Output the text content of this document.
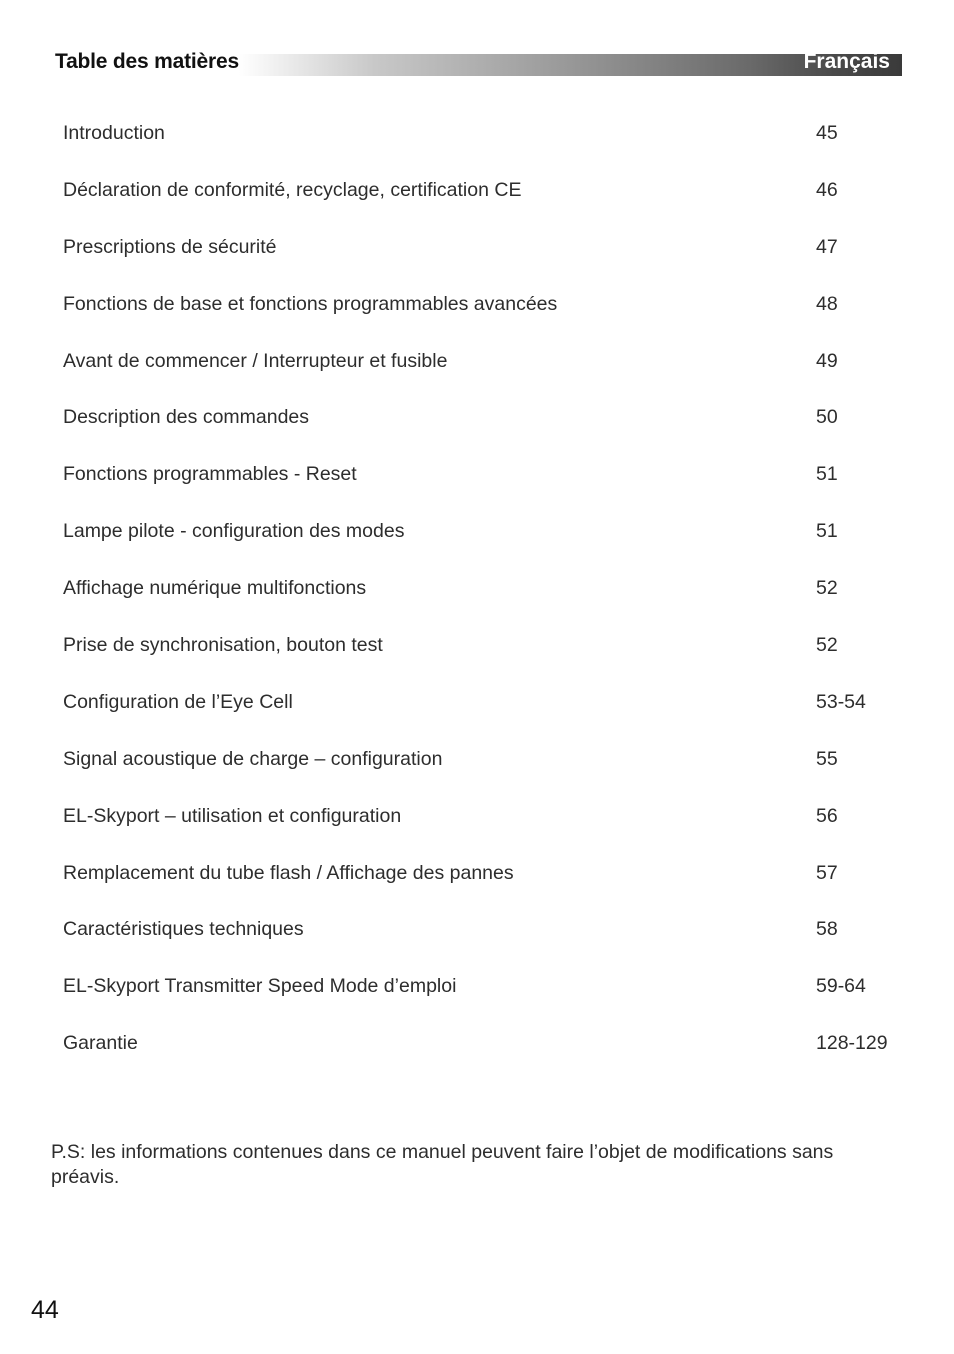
Table des matières	Français
Introduction	45
Déclaration de conformité, recyclage, certification CE	46
Prescriptions de sécurité	47
Fonctions de base et fonctions programmables avancées	48
Avant de commencer / Interrupteur et fusible	49
Description des commandes	50
Fonctions programmables - Reset	51
Lampe pilote - configuration des modes	51
Affichage numérique multifonctions	52
Prise de synchronisation, bouton test	52
Configuration de l’Eye Cell	53-54
Signal acoustique de charge – configuration	55
EL-Skyport – utilisation et configuration	56
Remplacement du tube flash / Affichage des pannes	57
Caractéristiques techniques	58
EL-Skyport Transmitter Speed Mode d’emploi	59-64
Garantie	128-129
P.S: les informations contenues dans ce manuel peuvent faire l’objet de modifications sans préavis.
44
